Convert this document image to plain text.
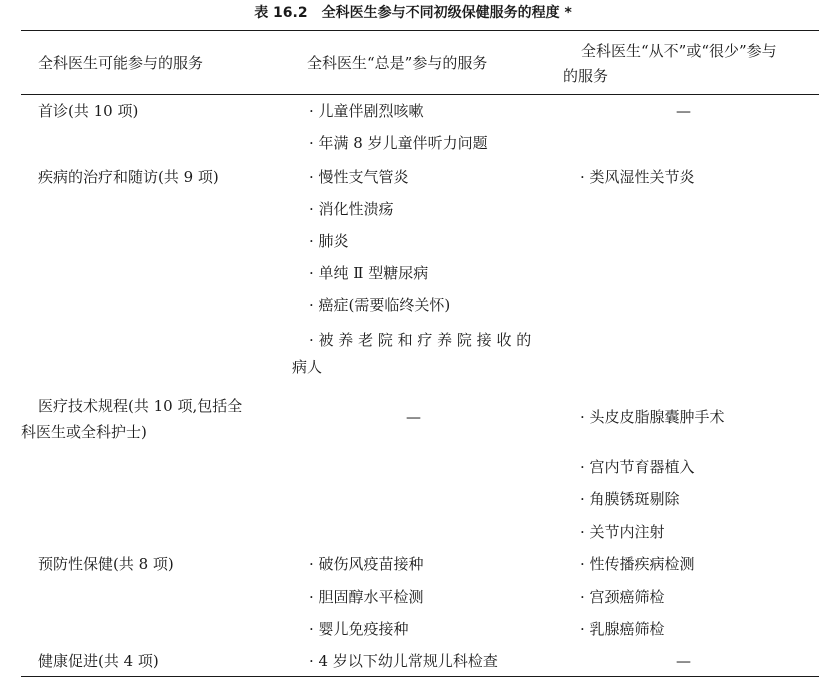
表 16.2　全科医生参与不同初级保健服务的程度 *
全科医生可能参与的服务	全科医生“总是”参与的服务
全科医生“从不”或“很少”参与
的服务
首诊(共 10 项)
疾病的治疗和随访(共 9 项)
医疗技术规程(共 10 项,包括全
科医生或全科护士)
预防性保健(共 8 项)
健康促进(共 4 项)
· 儿童伴剧烈咳嗽
· 年满 8 岁儿童伴听力问题
· 慢性支气管炎
· 消化性溃疡
· 肺炎
· 单纯 Ⅱ 型糖尿病
· 癌症(需要临终关怀)
· 被 养 老 院 和 疗 养 院 接 收 的
病人
· 破伤风疫苗接种
· 胆固醇水平检测
· 婴儿免疫接种
· 4 岁以下幼儿常规儿科检查
—
—
· 类风湿性关节炎
· 头皮皮脂腺囊肿手术
· 宫内节育器植入
· 角膜锈斑剔除
· 关节内注射
· 性传播疾病检测
· 宫颈癌筛检
· 乳腺癌筛检
—
